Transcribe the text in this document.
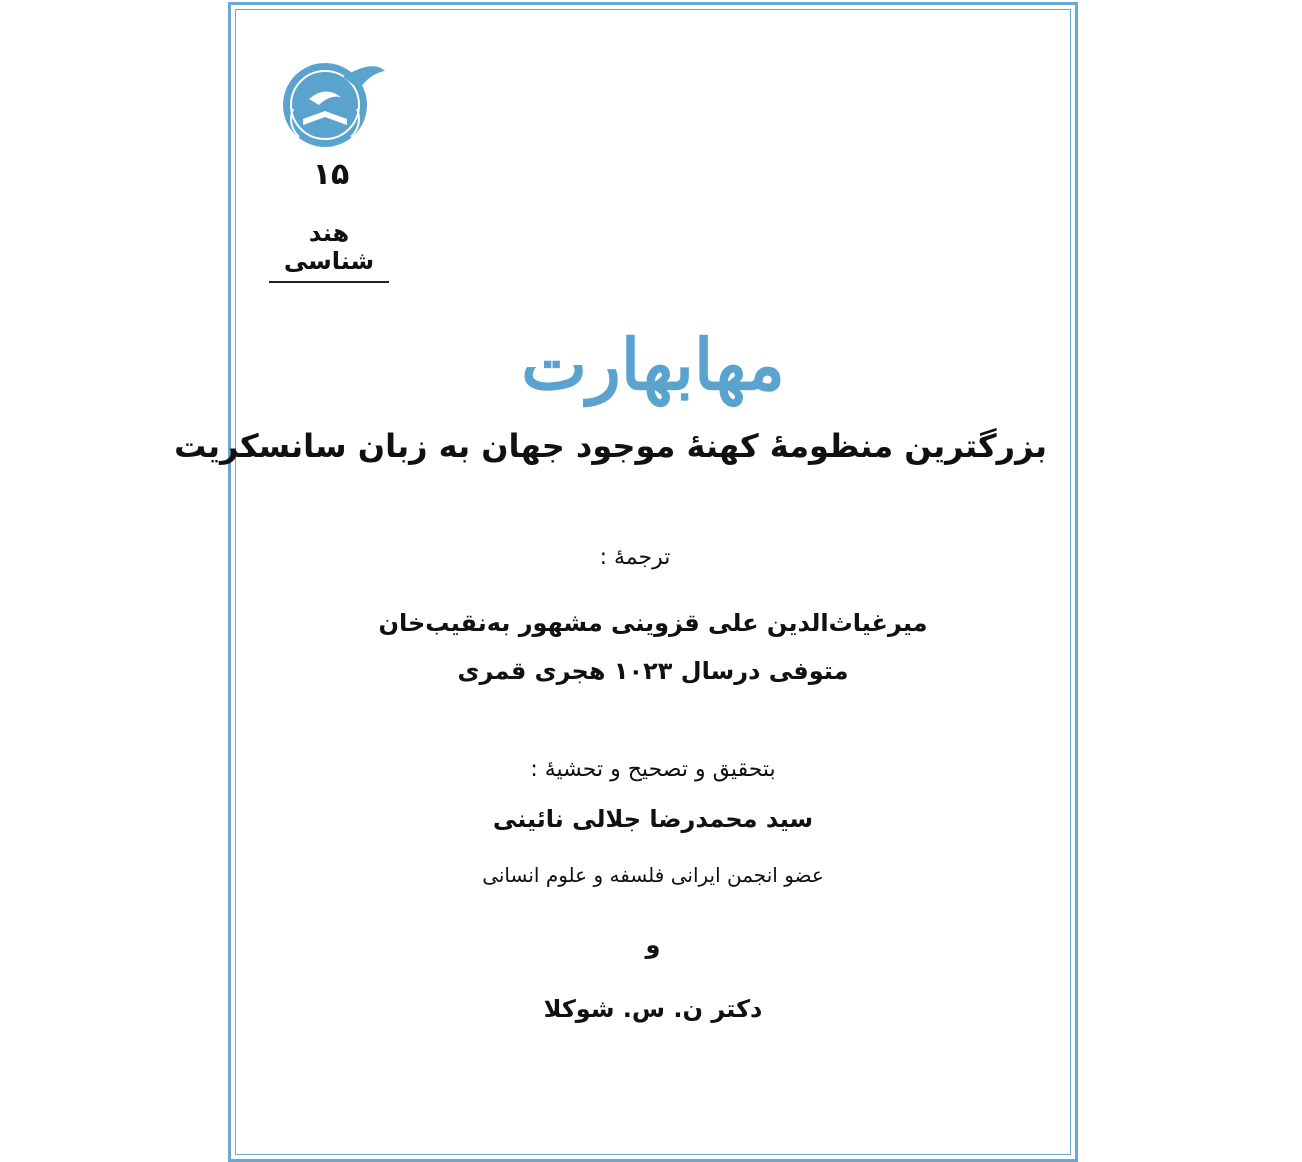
۱۵
هند شناسی
مهابهارت
بزرگترین منظومهٔ کهنهٔ موجود جهان به زبان سانسکریت
ترجمهٔ :
میرغیاث‌الدین علی قزوینی مشهور به‌نقیب‌خان
متوفی درسال ۱۰۲۳ هجری قمری
بتحقیق و تصحیح و تحشیهٔ :
سید محمدرضا جلالی نائینی
عضو انجمن ایرانی فلسفه و علوم انسانی
و
دکتر ن. س. شوکلا
